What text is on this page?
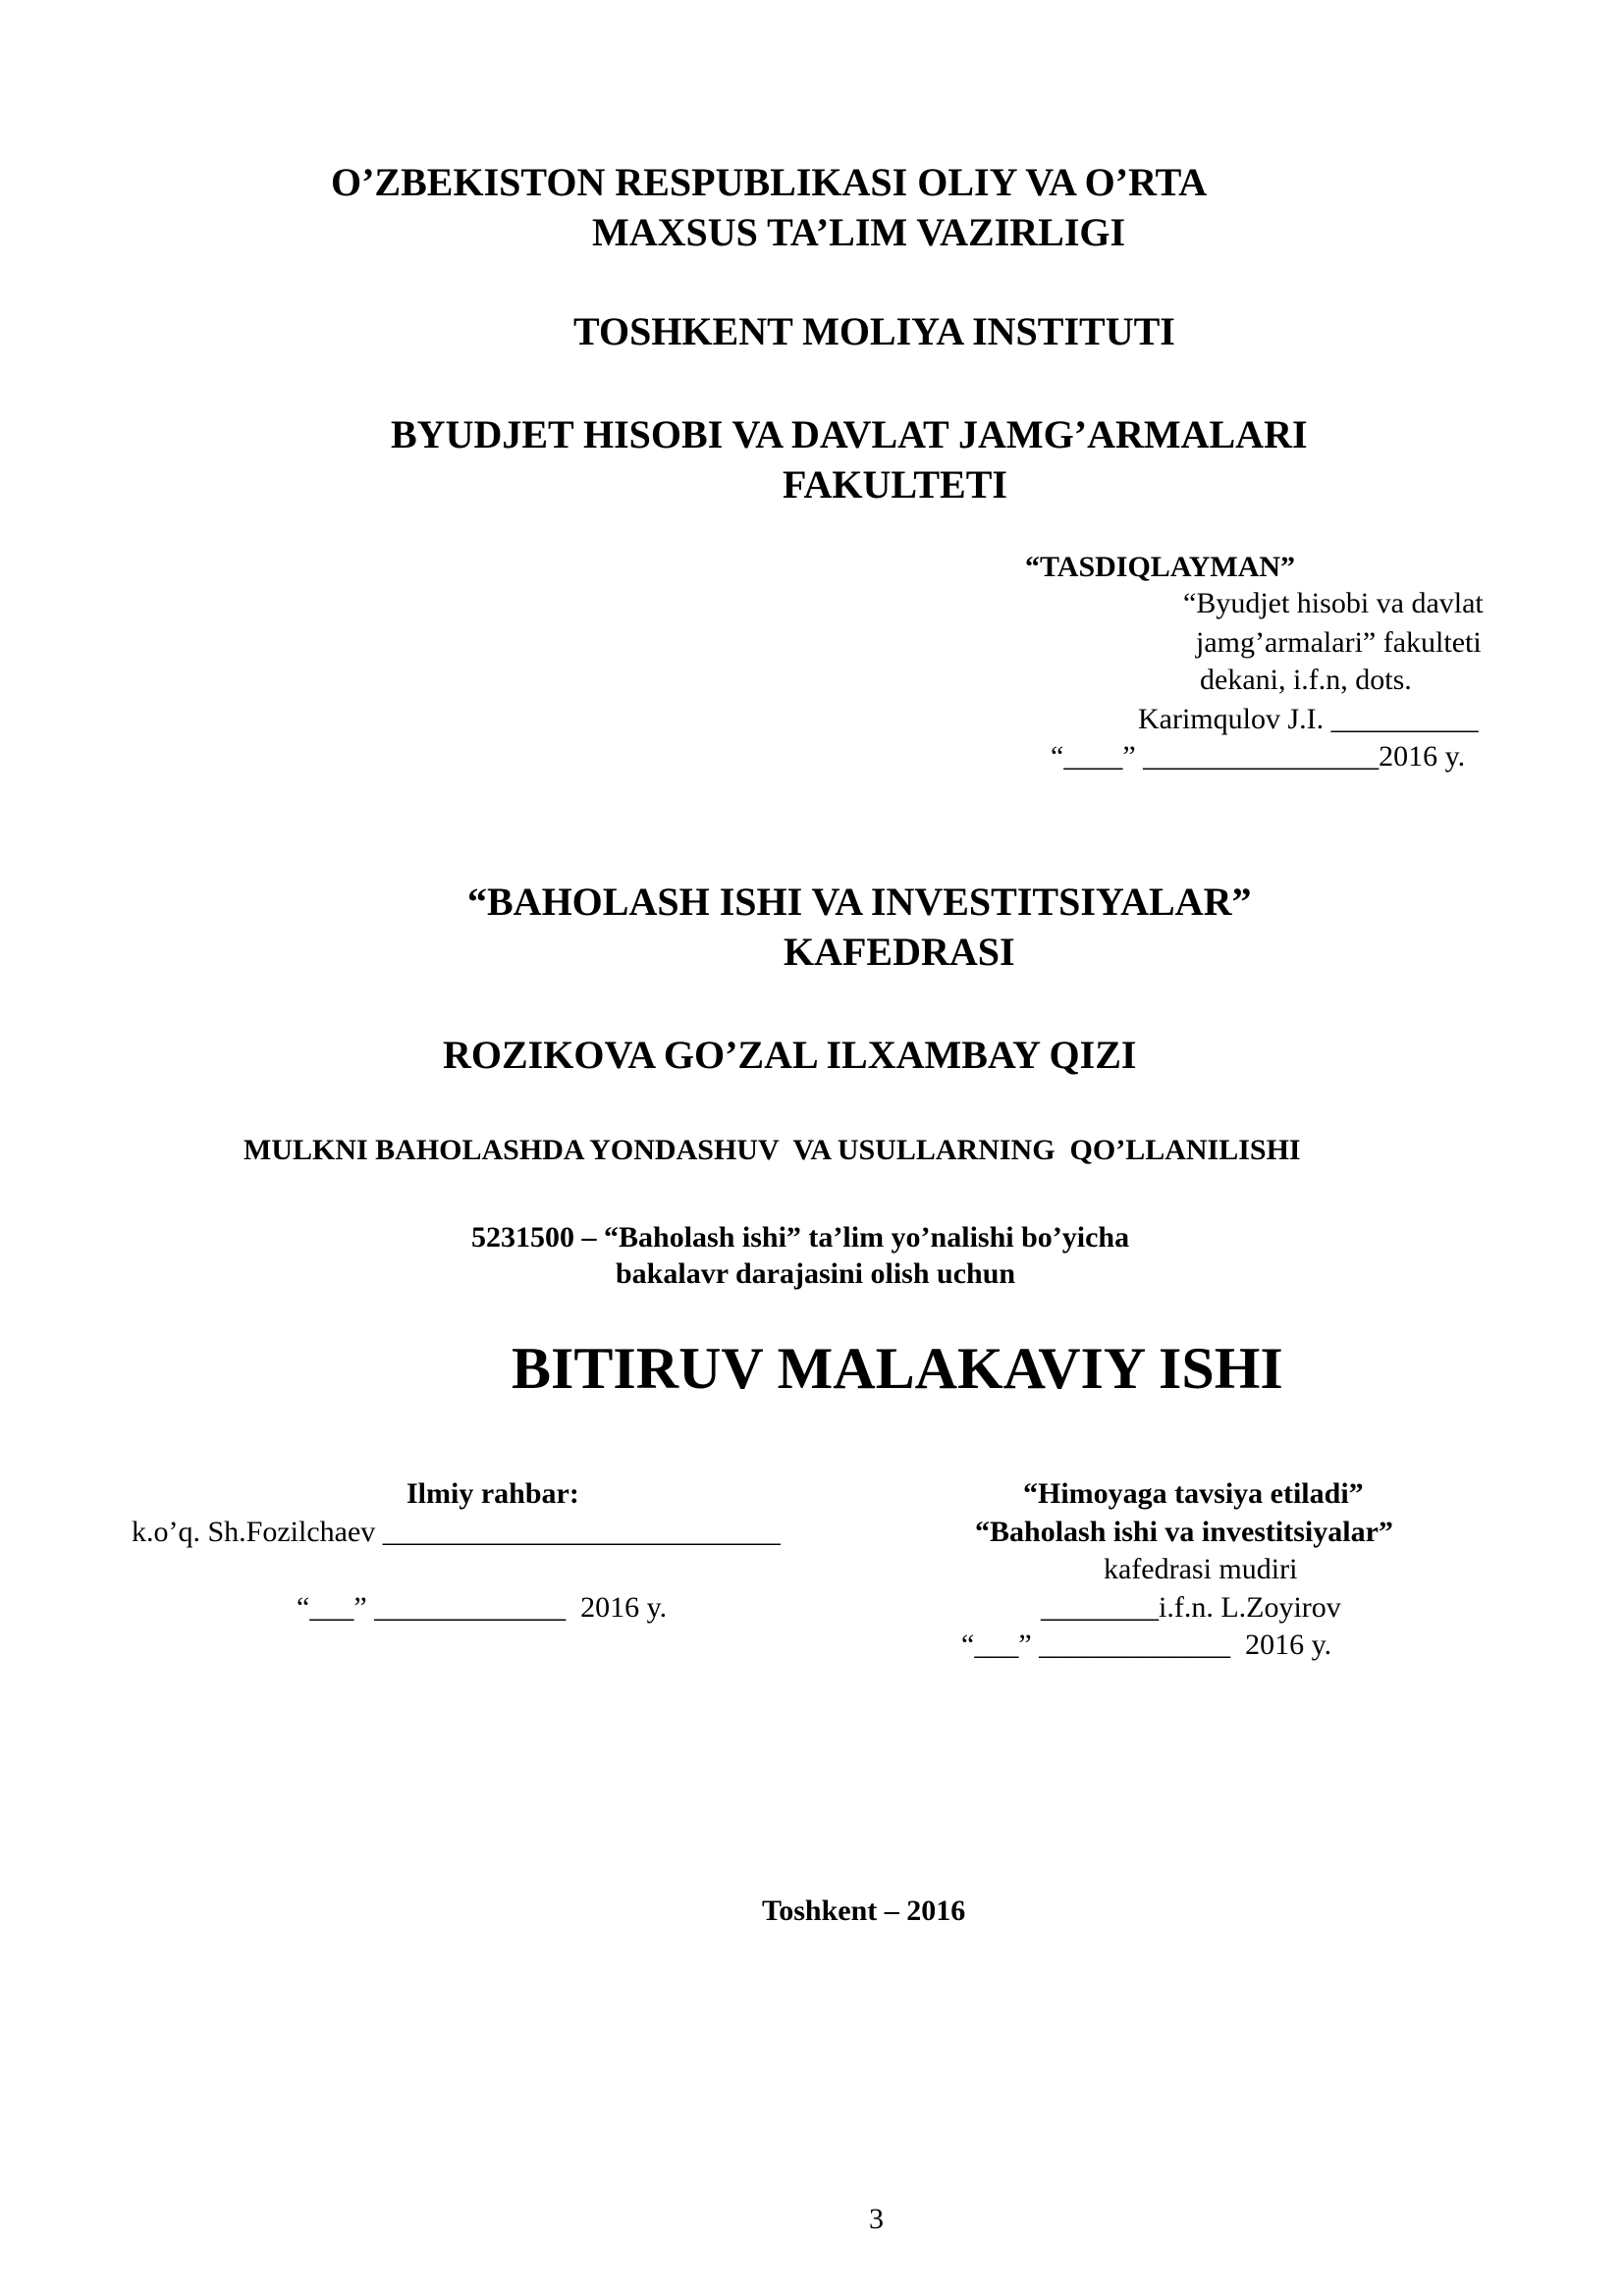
O’ZBEKISTON RESPUBLIKASI OLIY VA O’RTA
MAXSUS TA’LIM VAZIRLIGI
TOSHKENT MOLIYA INSTITUTI
BYUDJET HISOBI VA DAVLAT JAMG’ARMALARI
FAKULTETI
“TASDIQLAYMAN”
“Byudjet hisobi va davlat
jamg’armalari” fakulteti
dekani, i.f.n, dots.
Karimqulov J.I. __________
“____” ________________2016 y.
“BAHOLASH ISHI VA INVESTITSIYALAR”
KAFEDRASI
ROZIKOVA GO’ZAL ILXAMBAY QIZI
MULKNI BAHOLASHDA YONDASHUV  VA USULLARNING  QO’LLANILISHI
5231500 – “Baholash ishi” ta’lim yo’nalishi bo’yicha
bakalavr darajasini olish uchun
BITIRUV MALAKAVIY ISHI
Ilmiy rahbar:
k.o’q. Sh.Fozilchaev ___________________________
“___” _____________  2016 y.
“Himoyaga tavsiya etiladi”
“Baholash ishi va investitsiyalar”
kafedrasi mudiri
________i.f.n. L.Zoyirov
“___” _____________  2016 y.
Toshkent – 2016
3
